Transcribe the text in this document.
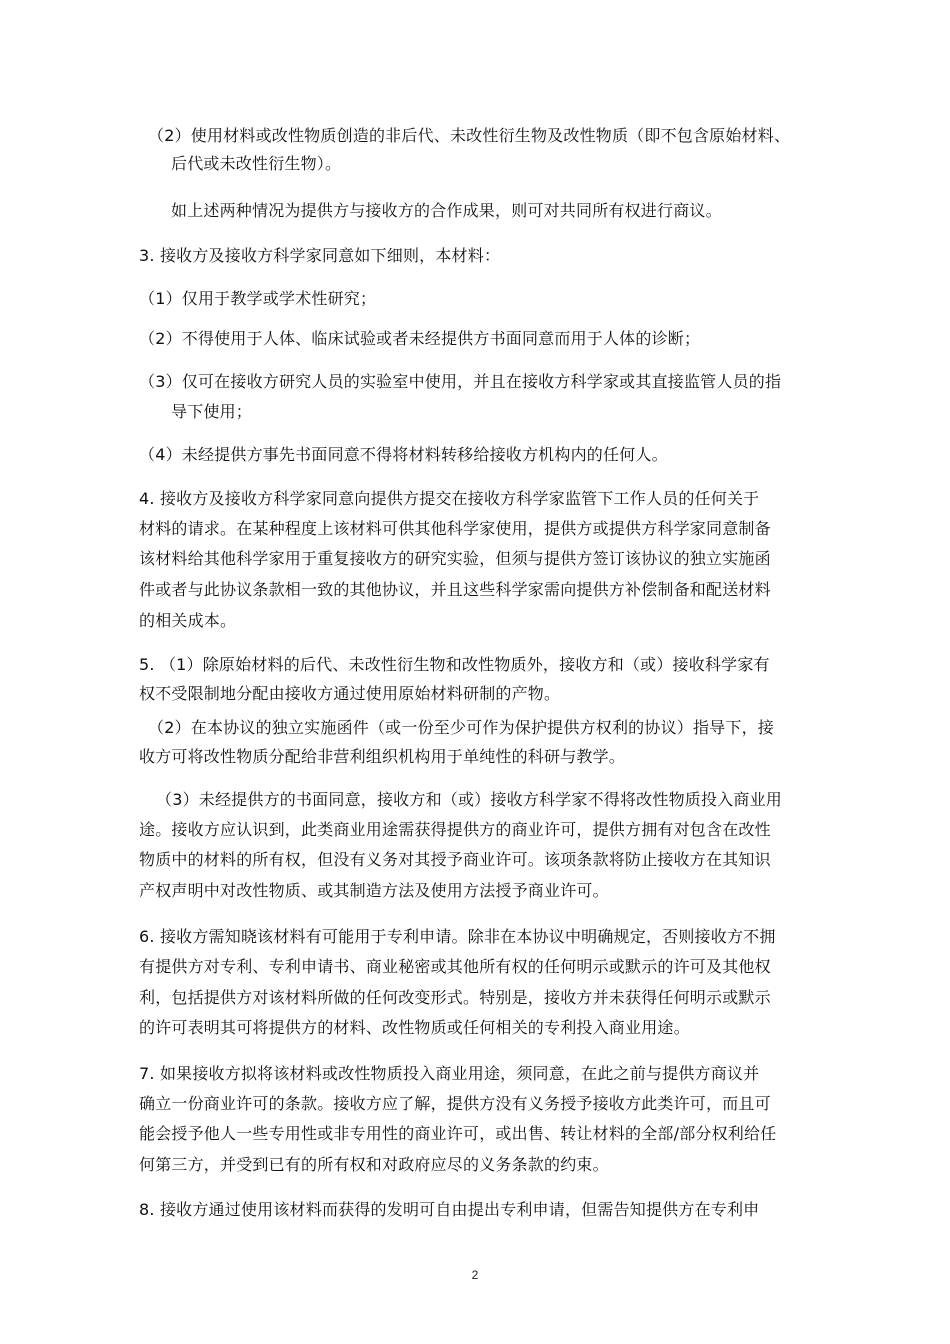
（2）使用材料或改性物质创造的非后代、未改性衍生物及改性物质（即不包含原始材料、
后代或未改性衍生物）。
如上述两种情况为提供方与接收方的合作成果，则可对共同所有权进行商议。
3. 接收方及接收方科学家同意如下细则，本材料：
（1）仅用于教学或学术性研究；
（2）不得使用于人体、临床试验或者未经提供方书面同意而用于人体的诊断；
（3）仅可在接收方研究人员的实验室中使用，并且在接收方科学家或其直接监管人员的指
导下使用；
（4）未经提供方事先书面同意不得将材料转移给接收方机构内的任何人。
4. 接收方及接收方科学家同意向提供方提交在接收方科学家监管下工作人员的任何关于
材料的请求。在某种程度上该材料可供其他科学家使用，提供方或提供方科学家同意制备
该材料给其他科学家用于重复接收方的研究实验，但须与提供方签订该协议的独立实施函
件或者与此协议条款相一致的其他协议，并且这些科学家需向提供方补偿制备和配送材料
的相关成本。
5. （1）除原始材料的后代、未改性衍生物和改性物质外，接收方和（或）接收科学家有
权不受限制地分配由接收方通过使用原始材料研制的产物。
（2）在本协议的独立实施函件（或一份至少可作为保护提供方权利的协议）指导下，接
收方可将改性物质分配给非营利组织机构用于单纯性的科研与教学。
（3）未经提供方的书面同意，接收方和（或）接收方科学家不得将改性物质投入商业用
途。接收方应认识到，此类商业用途需获得提供方的商业许可，提供方拥有对包含在改性
物质中的材料的所有权，但没有义务对其授予商业许可。该项条款将防止接收方在其知识
产权声明中对改性物质、或其制造方法及使用方法授予商业许可。
6. 接收方需知晓该材料有可能用于专利申请。除非在本协议中明确规定，否则接收方不拥
有提供方对专利、专利申请书、商业秘密或其他所有权的任何明示或默示的许可及其他权
利，包括提供方对该材料所做的任何改变形式。特别是，接收方并未获得任何明示或默示
的许可表明其可将提供方的材料、改性物质或任何相关的专利投入商业用途。
7. 如果接收方拟将该材料或改性物质投入商业用途，须同意，在此之前与提供方商议并
确立一份商业许可的条款。接收方应了解，提供方没有义务授予接收方此类许可，而且可
能会授予他人一些专用性或非专用性的商业许可，或出售、转让材料的全部/部分权利给任
何第三方，并受到已有的所有权和对政府应尽的义务条款的约束。
8. 接收方通过使用该材料而获得的发明可自由提出专利申请，但需告知提供方在专利申
2
